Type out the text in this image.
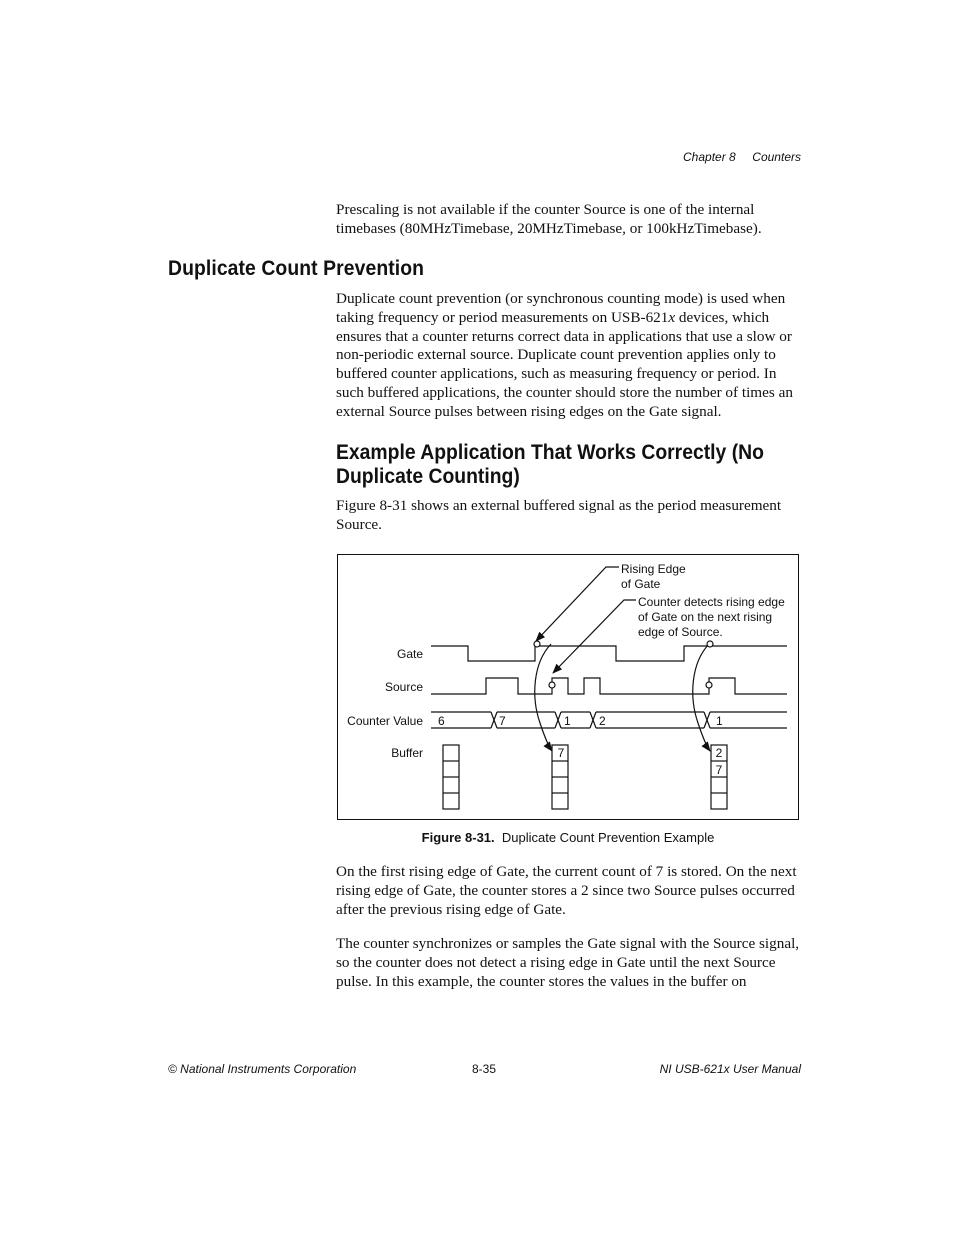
Chapter 8 Counters
Prescaling is not available if the counter Source is one of the internal timebases (80MHzTimebase, 20MHzTimebase, or 100kHzTimebase).
Duplicate Count Prevention
Duplicate count prevention (or synchronous counting mode) is used when taking frequency or period measurements on USB-621x devices, which ensures that a counter returns correct data in applications that use a slow or non-periodic external source. Duplicate count prevention applies only to buffered counter applications, such as measuring frequency or period. In such buffered applications, the counter should store the number of times an external Source pulses between rising edges on the Gate signal.
Example Application That Works Correctly (No
Duplicate Counting)
Figure 8-31 shows an external buffered signal as the period measurement Source.
Gate
Source
Counter Value
Buffer
Rising Edge
of Gate
Counter detects rising edge
of Gate on the next rising
edge of Source.
6	7	1 2	1
7	2
7
Figure 8-31. Duplicate Count Prevention Example
On the first rising edge of Gate, the current count of 7 is stored. On the next rising edge of Gate, the counter stores a 2 since two Source pulses occurred after the previous rising edge of Gate.
The counter synchronizes or samples the Gate signal with the Source signal, so the counter does not detect a rising edge in Gate until the next Source pulse. In this example, the counter stores the values in the buffer on
© National Instruments Corporation	8-35	NI USB-621x User Manual
